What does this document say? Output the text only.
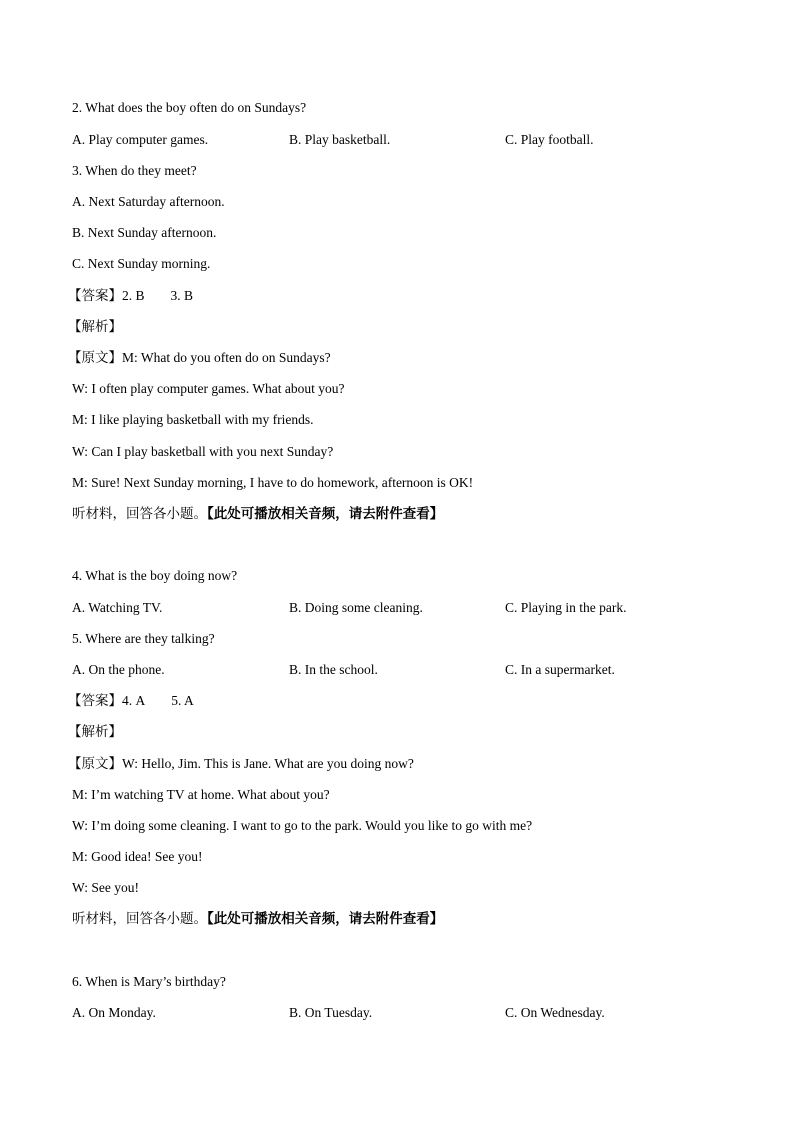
2. What does the boy often do on Sundays?
A. Play computer games.	B. Play basketball.	C. Play football.
3. When do they meet?
A. Next Saturday afternoon.
B. Next Sunday afternoon.
C. Next Sunday morning.
【答案】2. B 3. B
【解析】
【原文】M: What do you often do on Sundays?
W: I often play computer games. What about you?
M: I like playing basketball with my friends.
W: Can I play basketball with you next Sunday?
M: Sure! Next Sunday morning, I have to do homework, afternoon is OK!
听材料，回答各小题。【此处可播放相关音频，请去附件查看】
4. What is the boy doing now?
A. Watching TV.	B. Doing some cleaning.	C. Playing in the park.
5. Where are they talking?
A. On the phone.	B. In the school.	C. In a supermarket.
【答案】4. A 5. A
【解析】
【原文】W: Hello, Jim. This is Jane. What are you doing now?
M: I’m watching TV at home. What about you?
W: I’m doing some cleaning. I want to go to the park. Would you like to go with me?
M: Good idea! See you!
W: See you!
听材料，回答各小题。【此处可播放相关音频，请去附件查看】
6. When is Mary’s birthday?
A. On Monday.	B. On Tuesday.	C. On Wednesday.
